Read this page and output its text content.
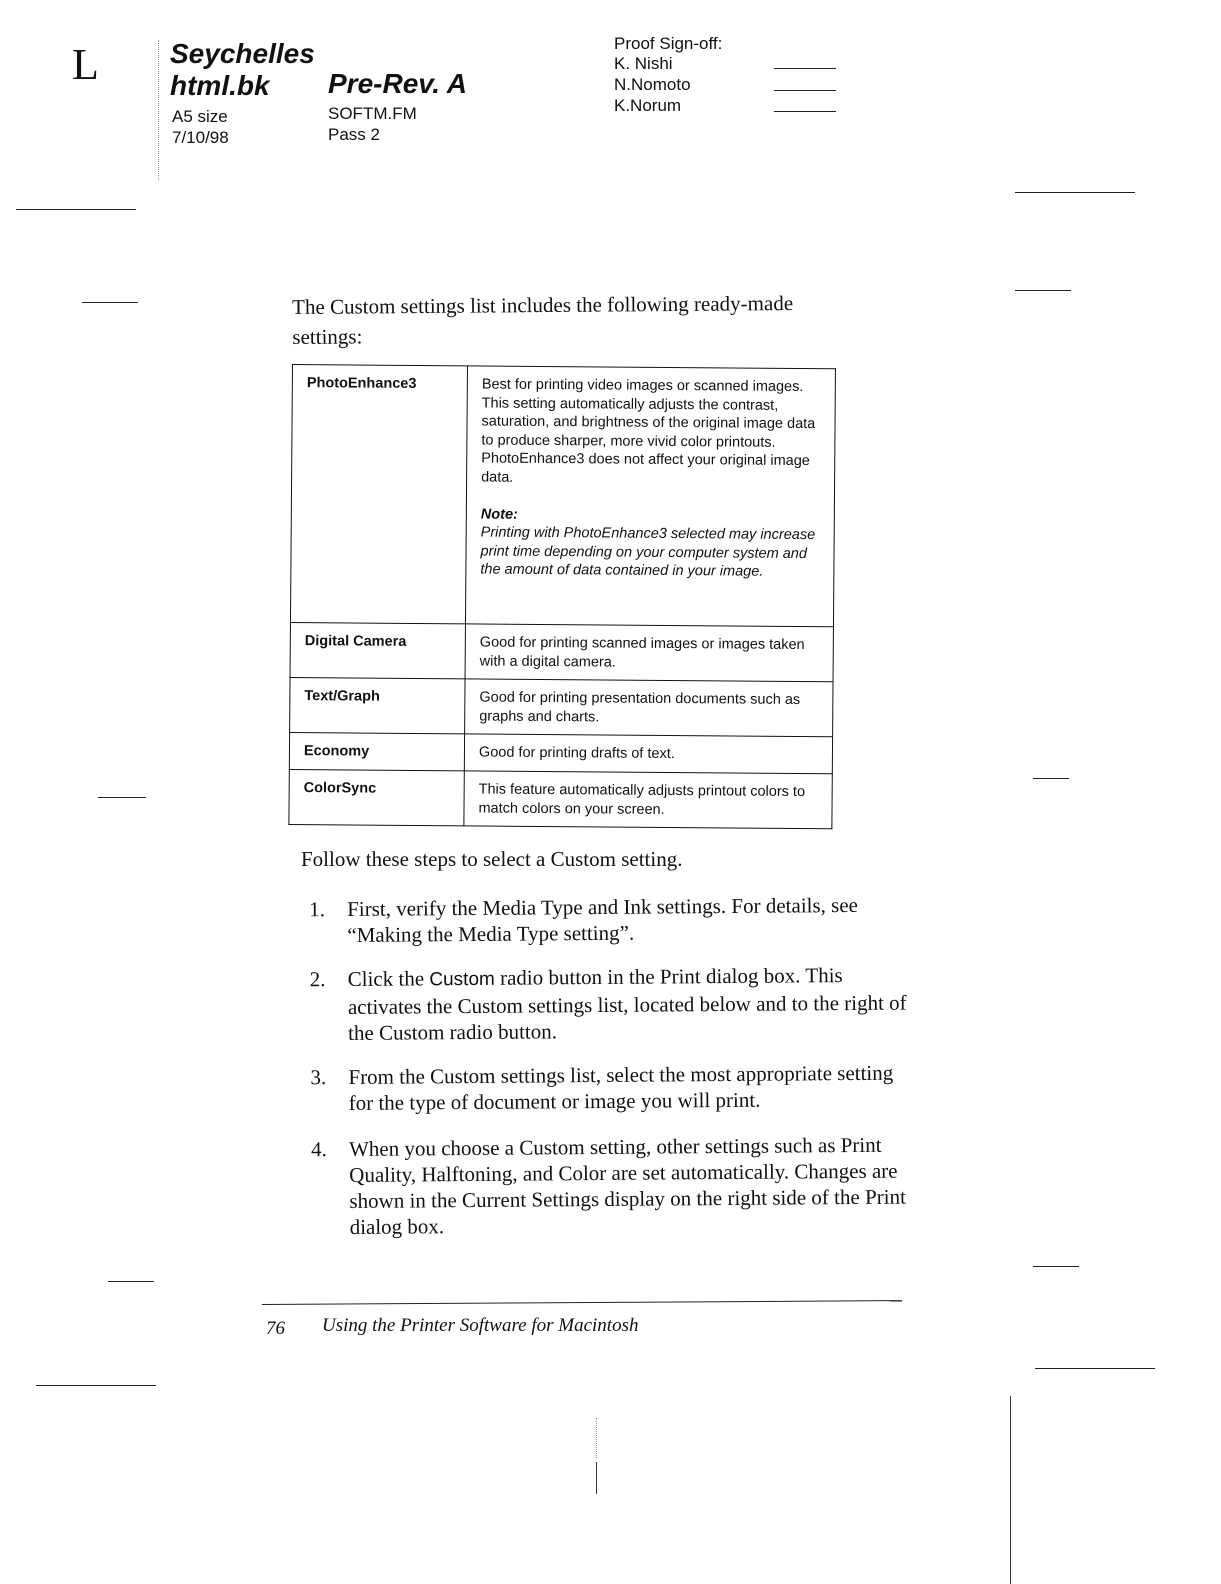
L	Seychelles
html.bk Pre-Rev. A
A5 size
7/10/98
SOFTM.FM
Pass 2
Proof Sign-off:
K. Nishi
N.Nomoto
K.Norum
The Custom settings list includes the following ready-made settings:
PhotoEnhance3	Best for printing video images or scanned images. This setting automatically adjusts the contrast, saturation, and brightness of the original image data to produce sharper, more vivid color printouts. PhotoEnhance3 does not affect your original image data.
Note:
Printing with PhotoEnhance3 selected may increase print time depending on your computer system and the amount of data contained in your image.

Digital Camera	Good for printing scanned images or images taken with a digital camera.
Text/Graph	Good for printing presentation documents such as graphs and charts.
Economy	Good for printing drafts of text.
ColorSync	This feature automatically adjusts printout colors to match colors on your screen.
Follow these steps to select a Custom setting.
1. First, verify the Media Type and Ink settings. For details, see “Making the Media Type setting”.
2. Click the Custom radio button in the Print dialog box. This activates the Custom settings list, located below and to the right of the Custom radio button.
3. From the Custom settings list, select the most appropriate setting for the type of document or image you will print.
4. When you choose a Custom setting, other settings such as Print Quality, Halftoning, and Color are set automatically. Changes are shown in the Current Settings display on the right side of the Print dialog box.
76 Using the Printer Software for Macintosh
